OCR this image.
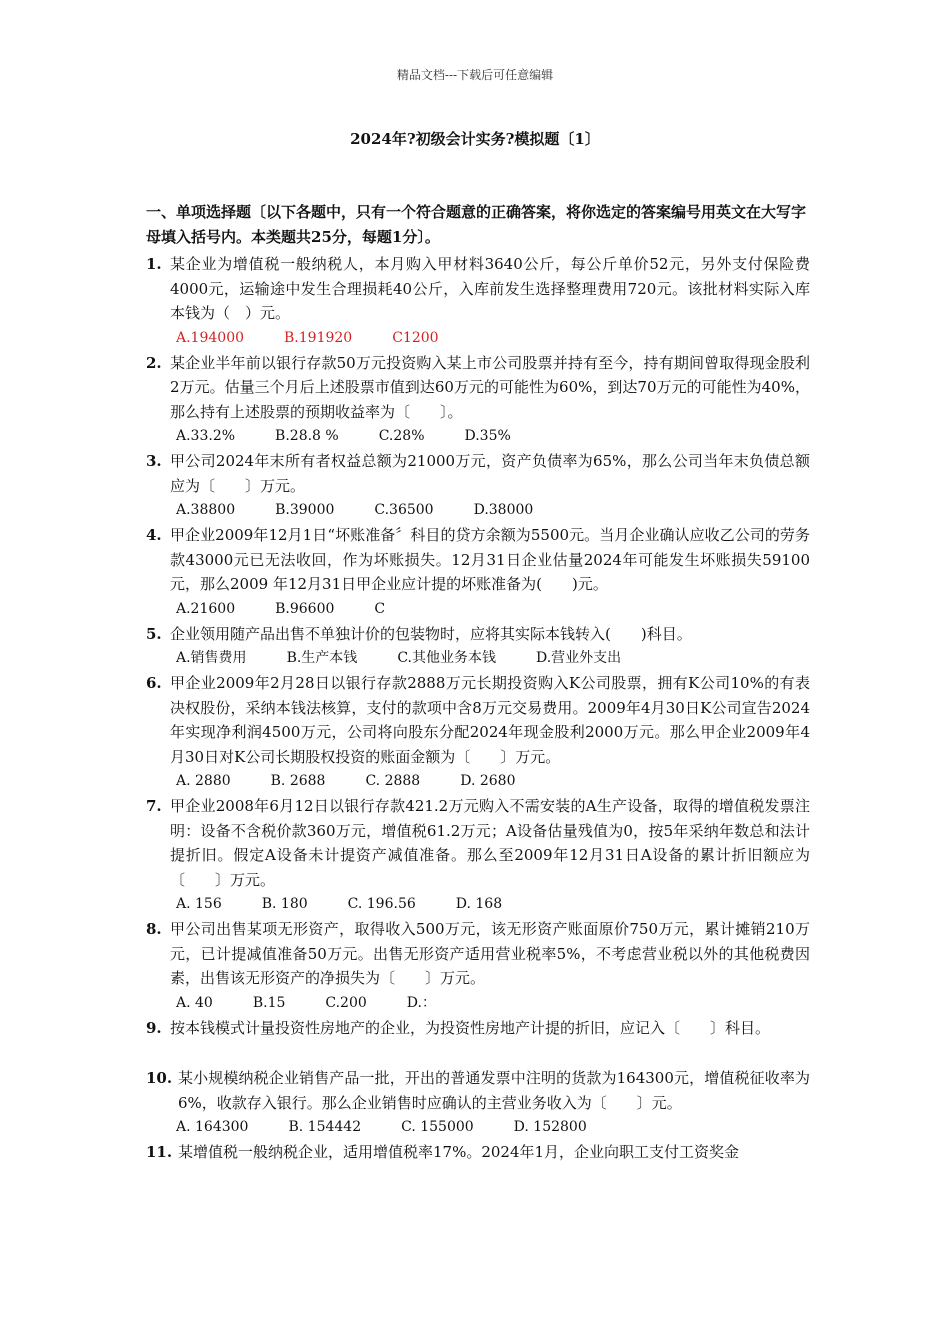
精品文档---下载后可任意编辑
2024年?初级会计实务?模拟题〔1〕
一、单项选择题〔以下各题中，只有一个符合题意的正确答案，将你选定的答案编号用英文在大写字母填入括号内。本类题共25分，每题1分〕。
1. 某企业为增值税一般纳税人，本月购入甲材料3640公斤，每公斤单价52元，另外支付保险费4000元，运输途中发生合理损耗40公斤，入库前发生选择整理费用720元。该批材料实际入库本钱为（　）元。
A.194000	B.191920	C1200
2. 某企业半年前以银行存款50万元投资购入某上市公司股票并持有至今，持有期间曾取得现金股利2万元。估量三个月后上述股票市值到达60万元的可能性为60%，到达70万元的可能性为40%，那么持有上述股票的预期收益率为〔　　〕。
A.33.2%	B.28.8 %	C.28%	D.35%
3. 甲公司2024年末所有者权益总额为21000万元，资产负债率为65%，那么公司当年末负债总额应为〔　　〕万元。
A.38800	B.39000	C.36500	D.38000
4. 甲企业2009年12月1日“坏账准备〞科目的贷方余额为5500元。当月企业确认应收乙公司的劳务款43000元已无法收回，作为坏账损失。12月31日企业估量2024年可能发生坏账损失59100元，那么2009 年12月31日甲企业应计提的坏账准备为(　　)元。
A.21600	B.96600	C
5. 企业领用随产品出售不单独计价的包装物时，应将其实际本钱转入(　　)科目。
A.销售费用	B.生产本钱	C.其他业务本钱	D.营业外支出
6. 甲企业2009年2月28日以银行存款2888万元长期投资购入K公司股票，拥有K公司10%的有表决权股份，采纳本钱法核算，支付的款项中含8万元交易费用。2009年4月30日K公司宣告2024年实现净利润4500万元，公司将向股东分配2024年现金股利2000万元。那么甲企业2009年4月30日对K公司长期股权投资的账面金额为〔　　〕万元。
A. 2880	B. 2688	C. 2888	D. 2680
7. 甲企业2008年6月12日以银行存款421.2万元购入不需安装的A生产设备，取得的增值税发票注明：设备不含税价款360万元，增值税61.2万元；A设备估量残值为0，按5年采纳年数总和法计提折旧。假定A设备未计提资产减值准备。那么至2009年12月31日A设备的累计折旧额应为〔　　〕万元。
A. 156	B. 180	C. 196.56	D. 168
8. 甲公司出售某项无形资产，取得收入500万元，该无形资产账面原价750万元，累计摊销210万元，已计提减值准备50万元。出售无形资产适用营业税率5%，不考虑营业税以外的其他税费因素，出售该无形资产的净损失为〔　　〕万元。
A. 40	B.15	C.200	D.：
9. 按本钱模式计量投资性房地产的企业，为投资性房地产计提的折旧，应记入〔　　〕科目。
10. 某小规模纳税企业销售产品一批，开出的普通发票中注明的货款为164300元，增值税征收率为6%，收款存入银行。那么企业销售时应确认的主营业务收入为〔　　〕元。
A. 164300	B. 154442	C. 155000	D. 152800
11. 某增值税一般纳税企业，适用增值税率17%。2024年1月，企业向职工支付工资奖金
